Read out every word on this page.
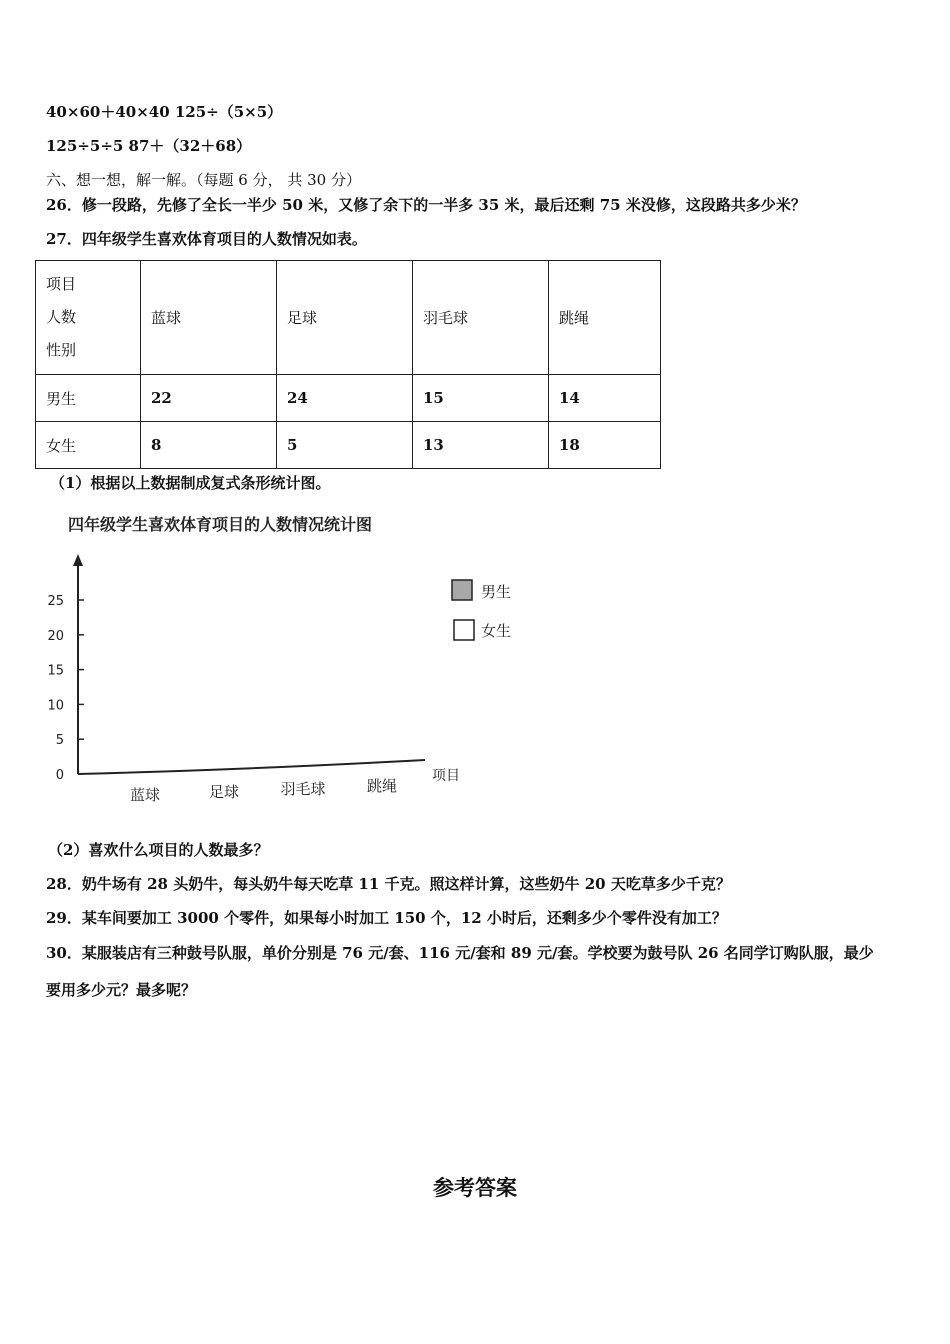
40×60＋40×40 125÷（5×5）
125÷5÷5 87＋（32＋68）
六、想一想，解一解。（每题 6 分， 共 30 分）
26．修一段路，先修了全长一半少 50 米，又修了余下的一半多 35 米，最后还剩 75 米没修，这段路共多少米？
27．四年级学生喜欢体育项目的人数情况如表。
项目
人数
性别	蓝球	足球	羽毛球	跳绳
男生	22	24	15	14
女生	8	5	13	18
（1）根据以上数据制成复式条形统计图。
四年级学生喜欢体育项目的人数情况统计图
项目
0
5
10
15
20
25
蓝球	足球	羽毛球	跳绳
男生
女生
（2）喜欢什么项目的人数最多？
28．奶牛场有 28 头奶牛，每头奶牛每天吃草 11 千克。照这样计算，这些奶牛 20 天吃草多少千克？
29．某车间要加工 3000 个零件，如果每小时加工 150 个，12 小时后，还剩多少个零件没有加工？
30．某服装店有三种鼓号队服，单价分别是 76 元/套、116 元/套和 89 元/套。学校要为鼓号队 26 名同学订购队服，最少
要用多少元？最多呢？
参考答案
